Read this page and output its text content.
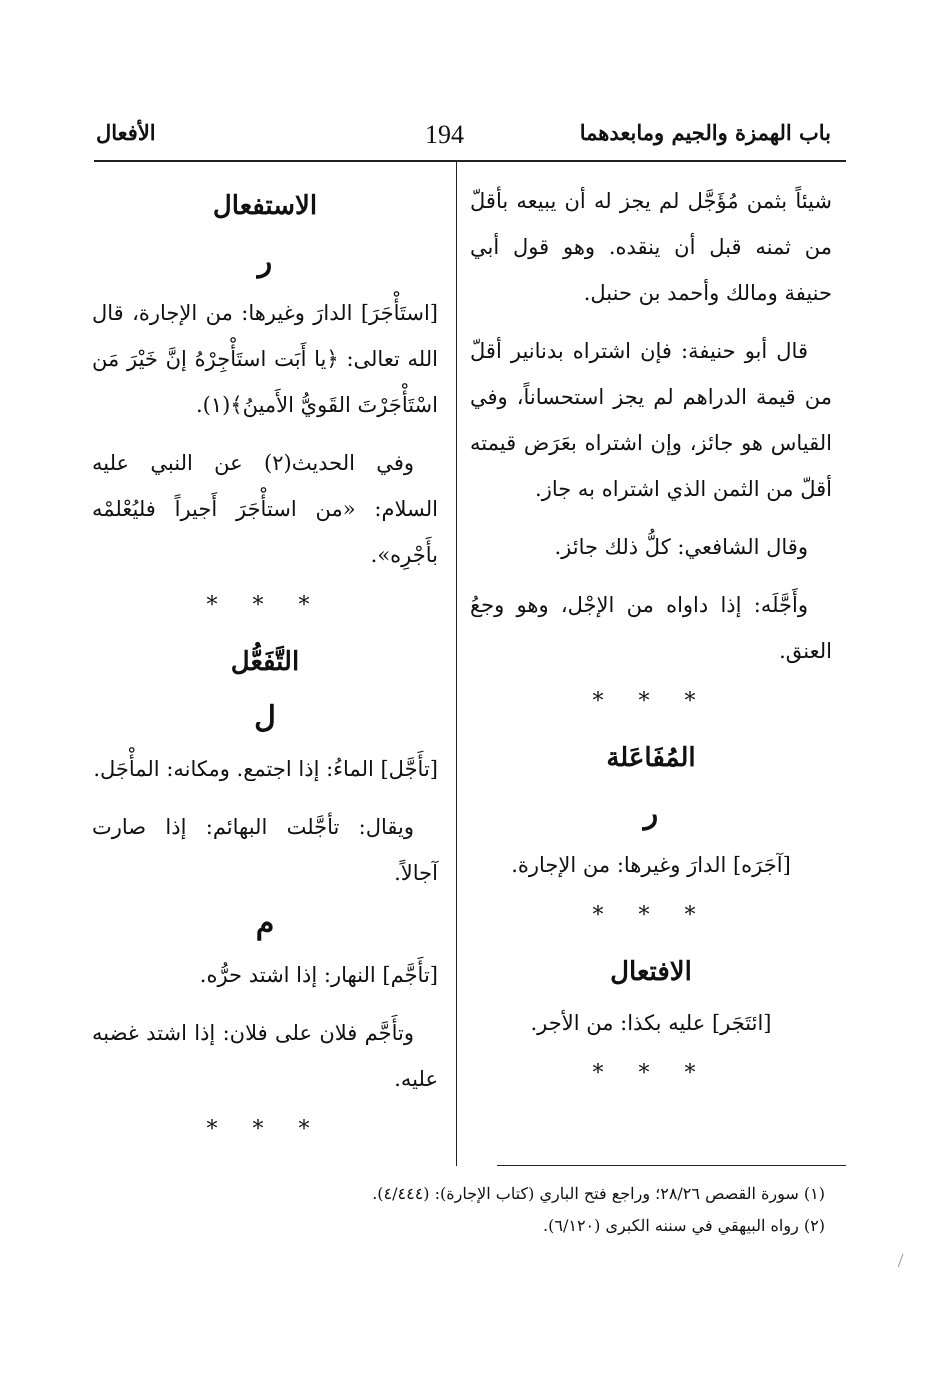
باب الهمزة والجيم ومابعدهما
194
الأفعال

شيئاً بثمن مُؤَجَّل لم يجز له أن يبيعه بأقلّ من ثمنه قبل أن ينقده. وهو قول أبي حنيفة ومالك وأحمد بن حنبل.

قال أبو حنيفة: فإن اشتراه بدنانير أقلّ من قيمة الدراهم لم يجز استحساناً، وفي القياس هو جائز، وإن اشتراه بعَرَض قيمته أقلّ من الثمن الذي اشتراه به جاز.

وقال الشافعي: كلُّ ذلك جائز.

وأَجَّلَه: إذا داواه من الإجْل، وهو وجعُ العنق.

* * *

المُفَاعَلة

ر

[آجَرَه] الدارَ وغيرها: من الإجارة.

* * *

الافتعال

[ائتَجَر] عليه بكذا: من الأجر.

* * *

الاستفعال

ر

[استَأْجَرَ] الدارَ وغيرها: من الإجارة، قال الله تعالى: ﴿يا أَبَت استَأْجِرْهُ إنَّ خَيْرَ مَن اسْتَأْجَرْتَ القَويُّ الأَمينُ﴾(١).

وفي الحديث(٢) عن النبي عليه السلام: «من استأْجَرَ أَجيراً فليُعْلمْه بأَجْرِه».

* * *

التَّفَعُّل

ل

[تأَجَّل] الماءُ: إذا اجتمع. ومكانه: المأْجَل.

ويقال: تأجَّلت البهائم: إذا صارت آجالاً.

م

[تأَجَّم] النهار: إذا اشتد حرُّه.

وتأَجَّم فلان على فلان: إذا اشتد غضبه عليه.

* * *

(١) سورة القصص ٢٨/٢٦؛ وراجع فتح الباري (كتاب الإجارة): (٤/٤٤٤).
(٢) رواه البيهقي في سننه الكبرى (٦/١٢٠).
